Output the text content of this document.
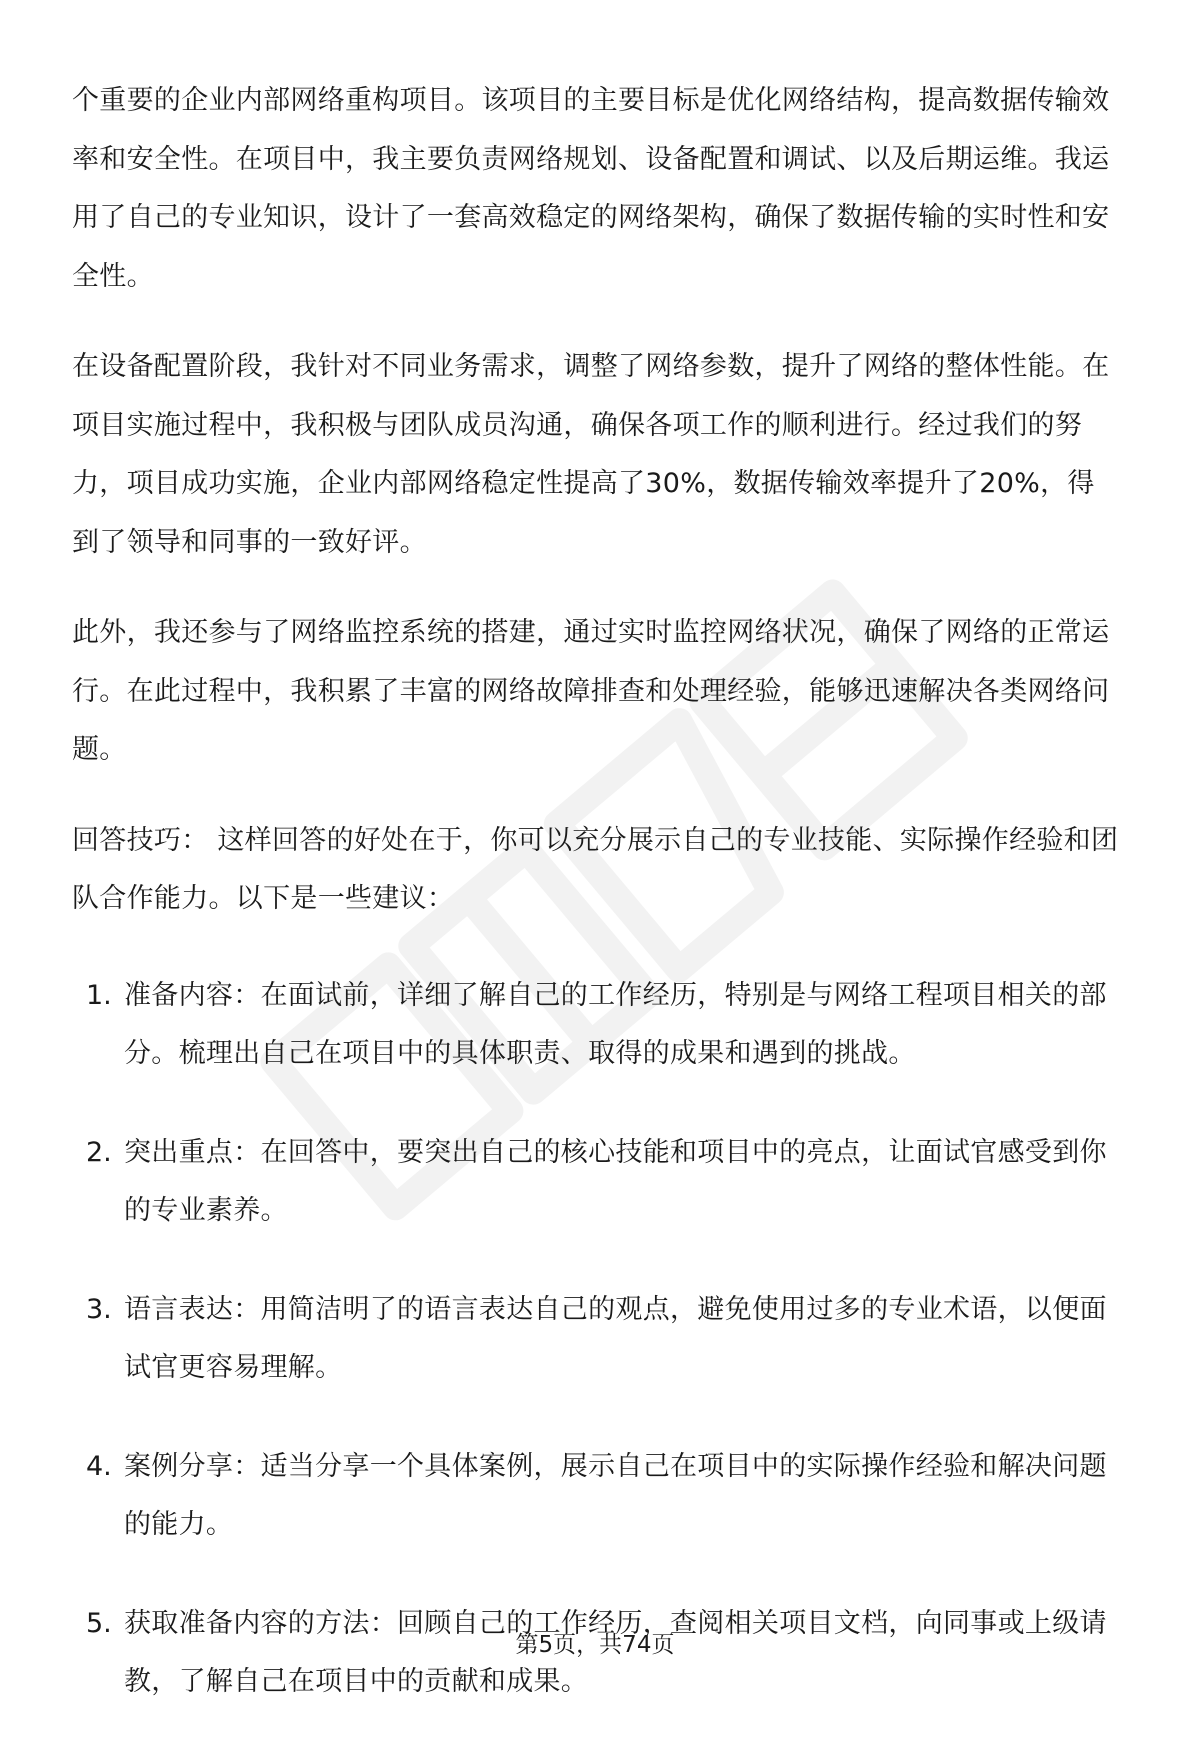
个重要的企业内部网络重构项目。该项目的主要目标是优化网络结构，提高数据传输效率和安全性。在项目中，我主要负责网络规划、设备配置和调试、以及后期运维。我运用了自己的专业知识，设计了一套高效稳定的网络架构，确保了数据传输的实时性和安全性。

在设备配置阶段，我针对不同业务需求，调整了网络参数，提升了网络的整体性能。在项目实施过程中，我积极与团队成员沟通，确保各项工作的顺利进行。经过我们的努力，项目成功实施，企业内部网络稳定性提高了30%，数据传输效率提升了20%，得到了领导和同事的一致好评。

此外，我还参与了网络监控系统的搭建，通过实时监控网络状况，确保了网络的正常运行。在此过程中，我积累了丰富的网络故障排查和处理经验，能够迅速解决各类网络问题。

回答技巧： 这样回答的好处在于，你可以充分展示自己的专业技能、实际操作经验和团队合作能力。以下是一些建议：

1. 准备内容：在面试前，详细了解自己的工作经历，特别是与网络工程项目相关的部分。梳理出自己在项目中的具体职责、取得的成果和遇到的挑战。
2. 突出重点：在回答中，要突出自己的核心技能和项目中的亮点，让面试官感受到你的专业素养。
3. 语言表达：用简洁明了的语言表达自己的观点，避免使用过多的专业术语，以便面试官更容易理解。
4. 案例分享：适当分享一个具体案例，展示自己在项目中的实际操作经验和解决问题的能力。
5. 获取准备内容的方法：回顾自己的工作经历，查阅相关项目文档，向同事或上级请教，了解自己在项目中的贡献和成果。
第5页，共74页
